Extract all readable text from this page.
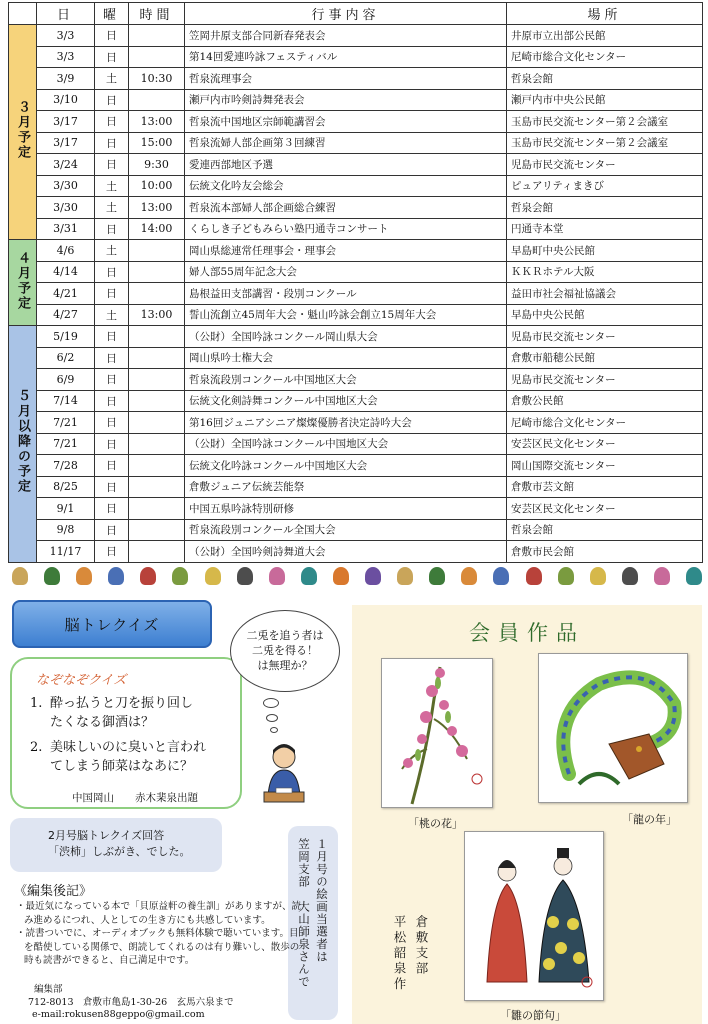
	日	曜	時間	行事内容	場所
３月予定	3/3	日		笠岡井原支部合同新春発表会	井原市立出部公民館
	3/3	日		第14回愛連吟詠フェスティバル	尼崎市総合文化センター
	3/9	土	10:30	哲泉流理事会	哲泉会館
	3/10	日		瀬戸内市吟剣詩舞発表会	瀬戸内市中央公民館
	3/17	日	13:00	哲泉流中国地区宗師範講習会	玉島市民交流センター第２会議室
	3/17	日	15:00	哲泉流婦人部企画第３回練習	玉島市民交流センター第２会議室
	3/24	日	9:30	愛連西部地区予選	児島市民交流センター
	3/30	土	10:00	伝統文化吟友会総会	ピュアリティまきび
	3/30	土	13:00	哲泉流本部婦人部企画総合練習	哲泉会館
	3/31	日	14:00	くらしき子どもみらい塾円通寺コンサート	円通寺本堂
４月予定	4/6	土		岡山県総連常任理事会・理事会	早島町中央公民館
	4/14	日		婦人部55周年記念大会	ＫＫＲホテル大阪
	4/21	日		島根益田支部講習・段別コンクール	益田市社会福祉協議会
	4/27	土	13:00	誓山流創立45周年大会・魁山吟詠会創立15周年大会	早島中央公民館
５月以降の予定	5/19	日		（公財）全国吟詠コンクール岡山県大会	児島市民交流センター
	6/2	日		岡山県吟士権大会	倉敷市船穂公民館
	6/9	日		哲泉流段別コンクール中国地区大会	児島市民交流センター
	7/14	日		伝統文化剣詩舞コンクール中国地区大会	倉敷公民館
	7/21	日		第16回ジュニアシニア燦燦優勝者決定詩吟大会	尼崎市総合文化センター
	7/21	日		（公財）全国吟詠コンクール中国地区大会	安芸区民文化センター
	7/28	日		伝統文化吟詠コンクール中国地区大会	岡山国際交流センター
	8/25	日		倉敷ジュニア伝統芸能祭	倉敷市芸文館
	9/1	日		中国五県吟詠特別研修	安芸区民文化センター
	9/8	日		哲泉流段別コンクール全国大会	哲泉会館
	11/17	日		（公財）全国吟剣詩舞道大会	倉敷市民会館
脳トレクイズ
なぞなぞクイズ
1. 酔っ払うと刀を振り回し
たくなる御酒は？
2. 美味しいのに臭いと言われ
てしまう師菜はなあに？
中国岡山　　赤木棐泉出題
二兎を追う者は
二兎を得る！
は無理か？
2月号脳トレクイズ回答
「渋柿」しぶがき、でした。	１月号の絵画当選者は
笠岡支部　大山師泉さんで
《編集後記》
・最近気になっている本で「貝原益軒の養生訓」がありますが、読み進めるにつれ、人としての生き方にも共感しています。
・読書ついでに、オーディオブックも無料体験で聴いています。目を酷使している関係で、朗読してくれるのは有り難いし、散歩の時も読書ができると、自己満足中です。
編集部
712-8013　倉敷市亀島1-30-26　玄馬六泉まで
e-mail:rokusen88geppo@gmail.com
会員作品
「桃の花」	「龍の年」
「雛の節句」
倉敷支部
平松韶泉作
